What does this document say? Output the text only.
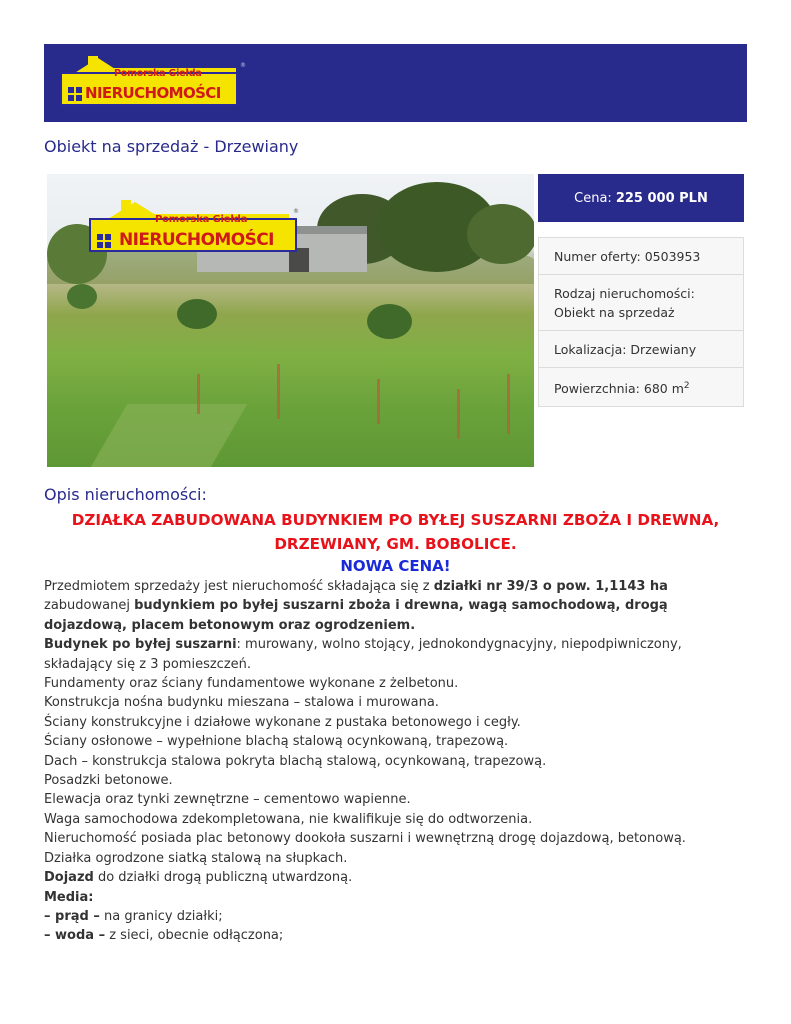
Pomorska Giełda
NIERUCHOMOŚCI
®
Obiekt na sprzedaż - Drzewiany
Pomorska Giełda
NIERUCHOMOŚCI
®
Cena: 225 000 PLN
Numer oferty: 0503953
Rodzaj nieruchomości: Obiekt na sprzedaż
Lokalizacja: Drzewiany
Powierzchnia: 680 $m^2$
Opis nieruchomości:
DZIAŁKA ZABUDOWANA BUDYNKIEM PO BYŁEJ SUSZARNI ZBOŻA I DREWNA, DRZEWIANY, GM. BOBOLICE.
NOWA CENA!

Przedmiotem sprzedaży jest nieruchomość składająca się z działki nr 39/3 o pow. 1,1143 ha zabudowanej budynkiem po byłej suszarni zboża i drewna, wagą samochodową, drogą dojazdową, placem betonowym oraz ogrodzeniem.

Budynek po byłej suszarni: murowany, wolno stojący, jednokondygnacyjny, niepodpiwniczony, składający się z 3 pomieszczeń.

Fundamenty oraz ściany fundamentowe wykonane z żelbetonu.

Konstrukcja nośna budynku mieszana – stalowa i murowana.

Ściany konstrukcyjne i działowe wykonane z pustaka betonowego i cegły.

Ściany osłonowe – wypełnione blachą stalową ocynkowaną, trapezową.

Dach – konstrukcja stalowa pokryta blachą stalową, ocynkowaną, trapezową.

Posadzki betonowe.

Elewacja oraz tynki zewnętrzne – cementowo wapienne.

Waga samochodowa zdekompletowana, nie kwalifikuje się do odtworzenia.

Nieruchomość posiada plac betonowy dookoła suszarni i wewnętrzną drogę dojazdową, betonową.

Działka ogrodzone siatką stalową na słupkach.

Dojazd do działki drogą publiczną utwardzoną.

Media:

– prąd – na granicy działki;

– woda – z sieci, obecnie odłączona;
